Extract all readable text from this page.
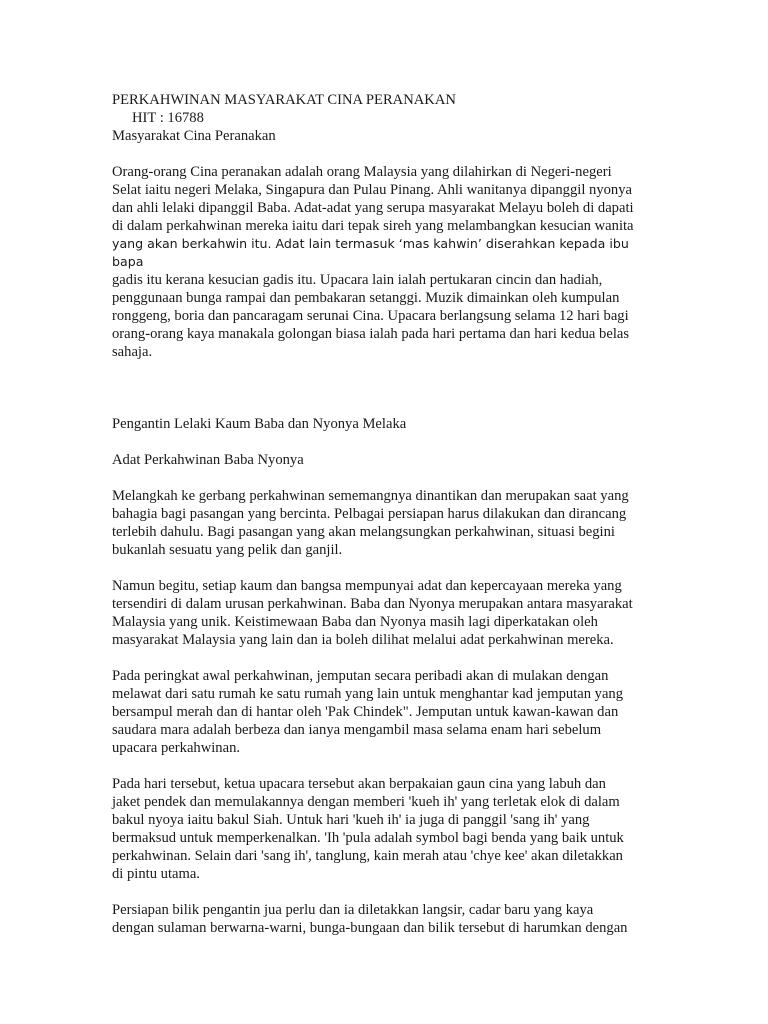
PERKAHWINAN MASYARAKAT CINA PERANAKAN

HIT : 16788

Masyarakat Cina Peranakan

Orang-orang Cina peranakan adalah orang Malaysia yang dilahirkan di Negeri-negeri

Selat iaitu negeri Melaka, Singapura dan Pulau Pinang. Ahli wanitanya dipanggil nyonya

dan ahli lelaki dipanggil Baba. Adat-adat yang serupa masyarakat Melayu boleh di dapati

di dalam perkahwinan mereka iaitu dari tepak sireh yang melambangkan kesucian wanita

yang akan berkahwin itu. Adat lain termasuk ‘mas kahwin’ diserahkan kepada ibu bapa

gadis itu kerana kesucian gadis itu. Upacara lain ialah pertukaran cincin dan hadiah,

penggunaan bunga rampai dan pembakaran setanggi. Muzik dimainkan oleh kumpulan

ronggeng, boria dan pancaragam serunai Cina. Upacara berlangsung selama 12 hari bagi

orang-orang kaya manakala golongan biasa ialah pada hari pertama dan hari kedua belas

sahaja.

Pengantin Lelaki Kaum Baba dan Nyonya Melaka

Adat Perkahwinan Baba Nyonya

Melangkah ke gerbang perkahwinan sememangnya dinantikan dan merupakan saat yang

bahagia bagi pasangan yang bercinta. Pelbagai persiapan harus dilakukan dan dirancang

terlebih dahulu. Bagi pasangan yang akan melangsungkan perkahwinan, situasi begini

bukanlah sesuatu yang pelik dan ganjil.

Namun begitu, setiap kaum dan bangsa mempunyai adat dan kepercayaan mereka yang

tersendiri di dalam urusan perkahwinan. Baba dan Nyonya merupakan antara masyarakat

Malaysia yang unik. Keistimewaan Baba dan Nyonya masih lagi diperkatakan oleh

masyarakat Malaysia yang lain dan ia boleh dilihat melalui adat perkahwinan mereka.

Pada peringkat awal perkahwinan, jemputan secara peribadi akan di mulakan dengan

melawat dari satu rumah ke satu rumah yang lain untuk menghantar kad jemputan yang

bersampul merah dan di hantar oleh 'Pak Chindek". Jemputan untuk kawan-kawan dan

saudara mara adalah berbeza dan ianya mengambil masa selama enam hari sebelum

upacara perkahwinan.

Pada hari tersebut, ketua upacara tersebut akan berpakaian gaun cina yang labuh dan

jaket pendek dan memulakannya dengan memberi 'kueh ih' yang terletak elok di dalam

bakul nyoya iaitu bakul Siah. Untuk hari 'kueh ih' ia juga di panggil 'sang ih' yang

bermaksud untuk memperkenalkan. 'Ih 'pula adalah symbol bagi benda yang baik untuk

perkahwinan. Selain dari 'sang ih', tanglung, kain merah atau 'chye kee' akan diletakkan

di pintu utama.

Persiapan bilik pengantin jua perlu dan ia diletakkan langsir, cadar baru yang kaya

dengan sulaman berwarna-warni, bunga-bungaan dan bilik tersebut di harumkan dengan
